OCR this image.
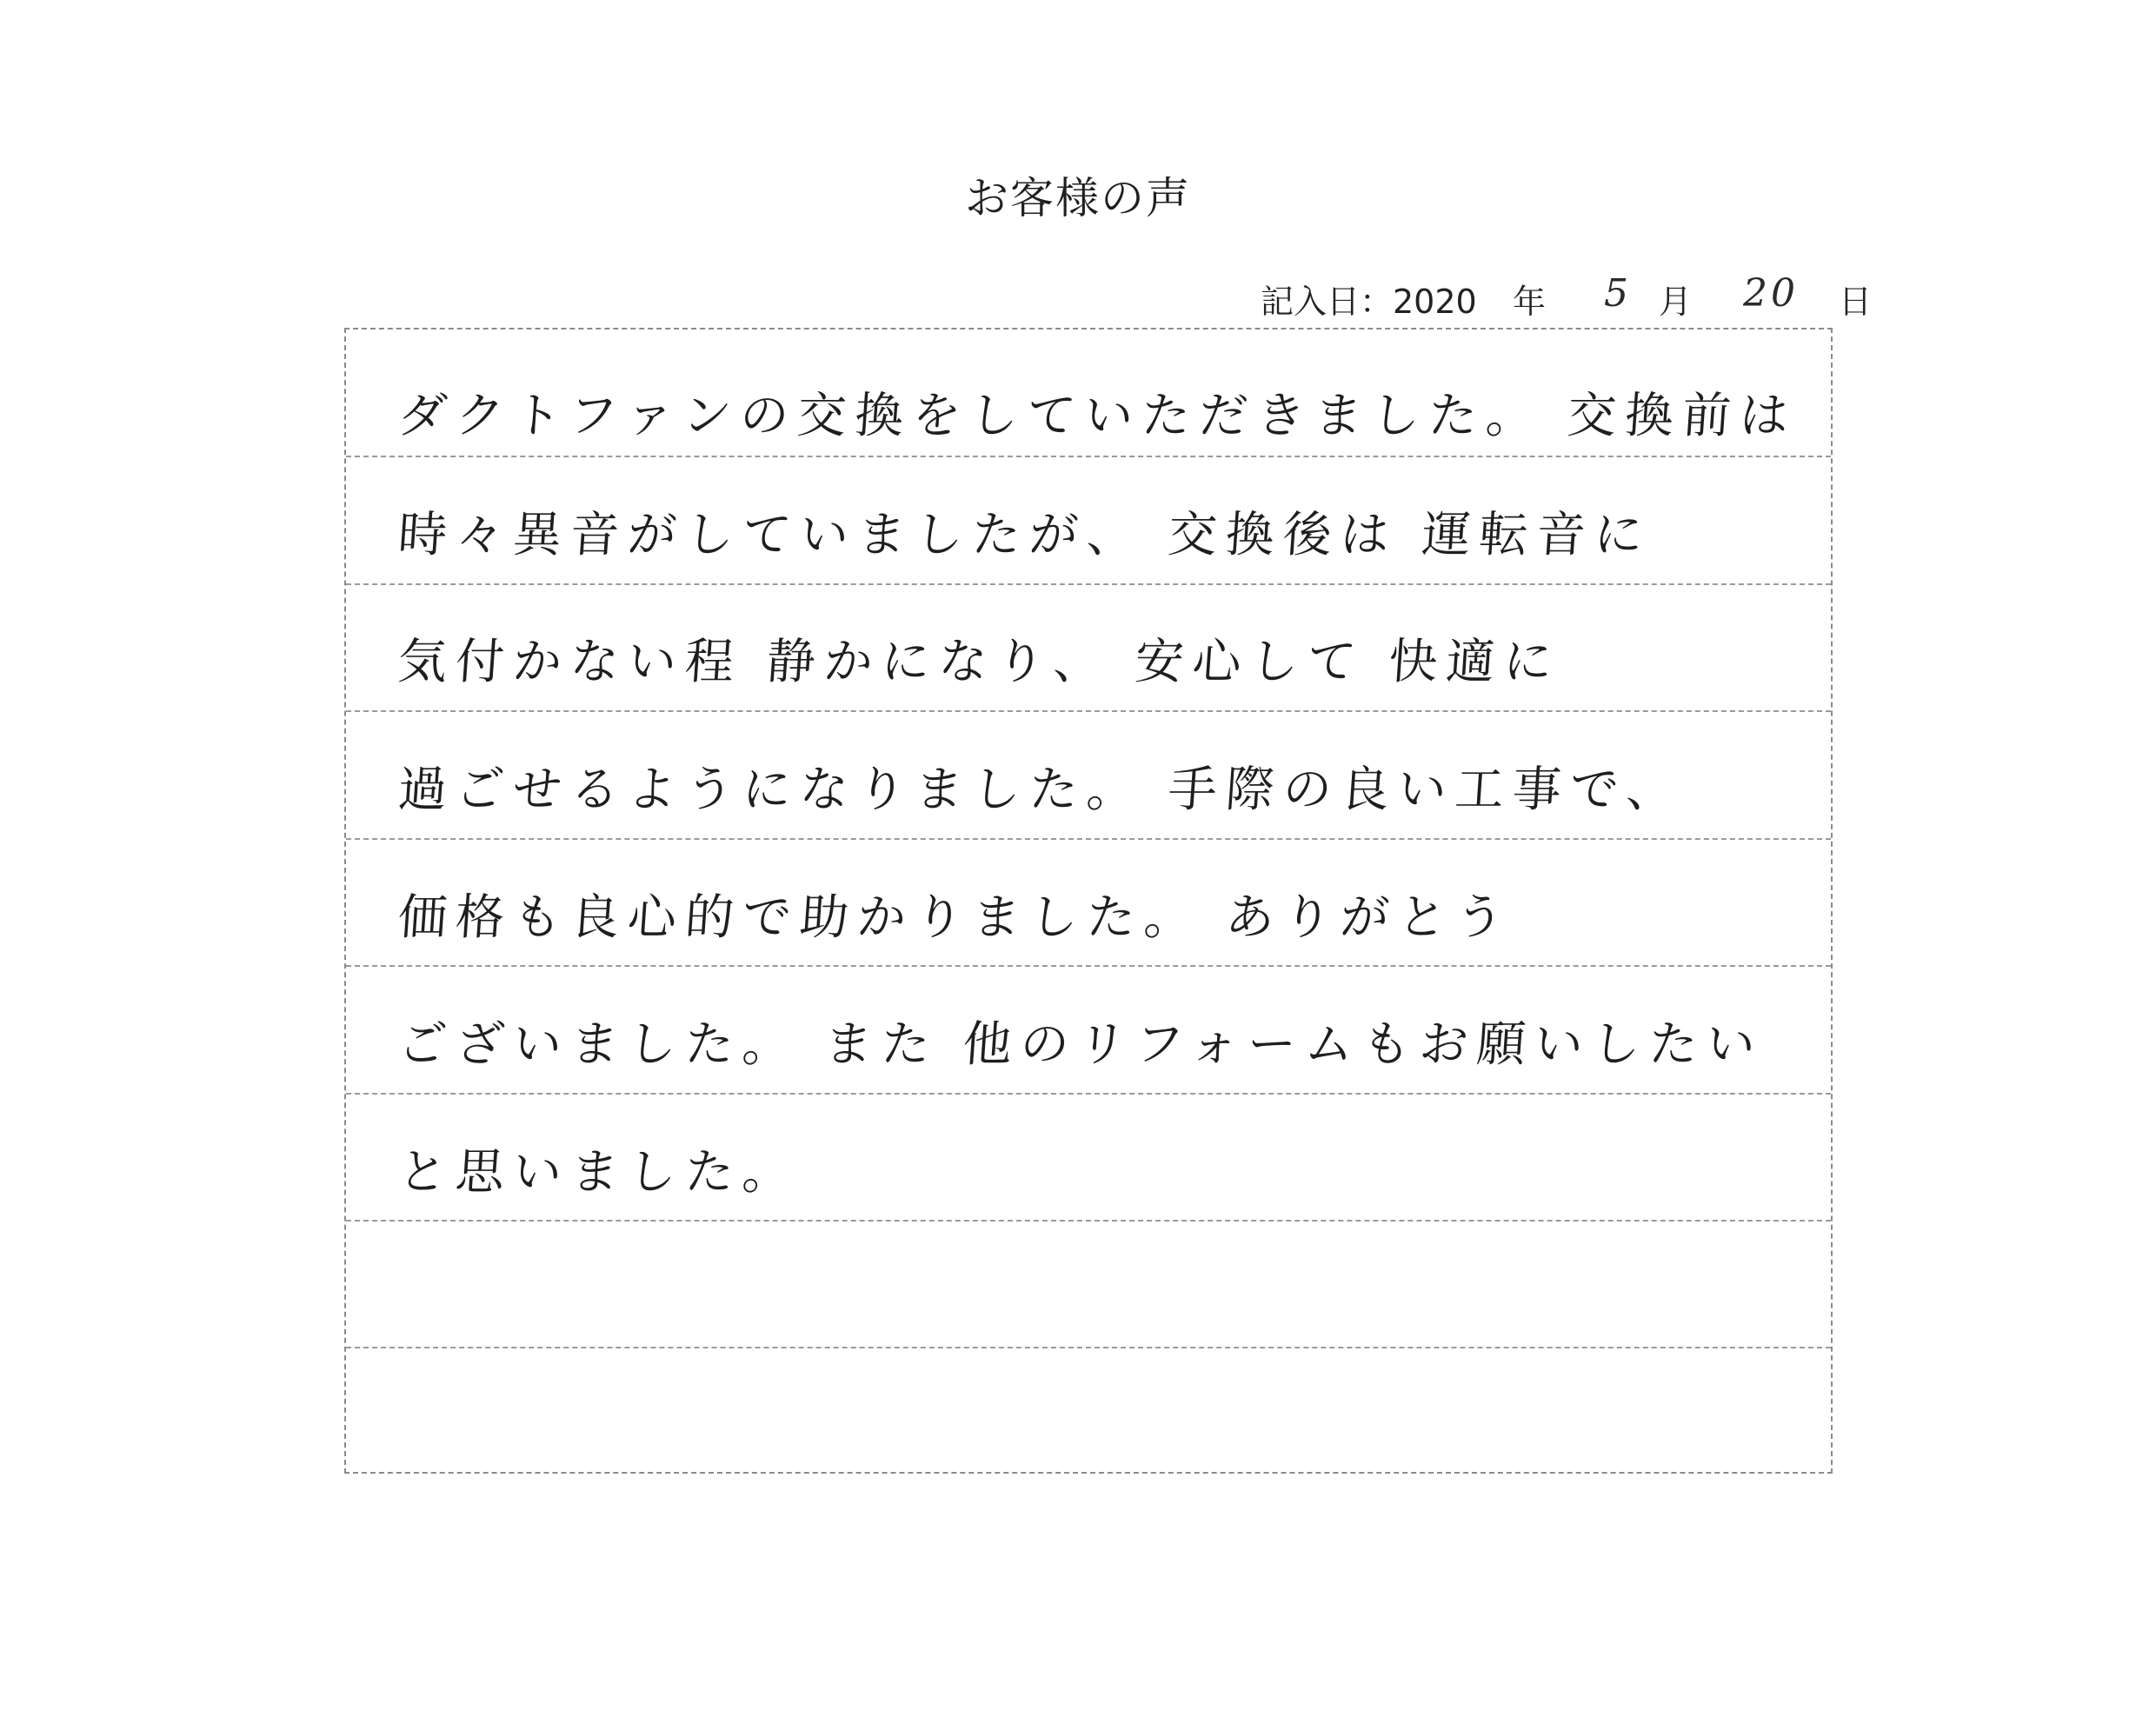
お客様の声
記入日：2020 年 5 月 20 日
ダクトファンの交換をしていただきました。 交換前は
時々異音がしていましたが、 交換後は 運転音に
気付かない程 静かになり、 安心して 快適に
過ごせるようになりました。 手際の良い工事で、
価格も良心的で助かりました。 ありがとう
ございました。 また 他のリフォームもお願いしたい
と思いました。
